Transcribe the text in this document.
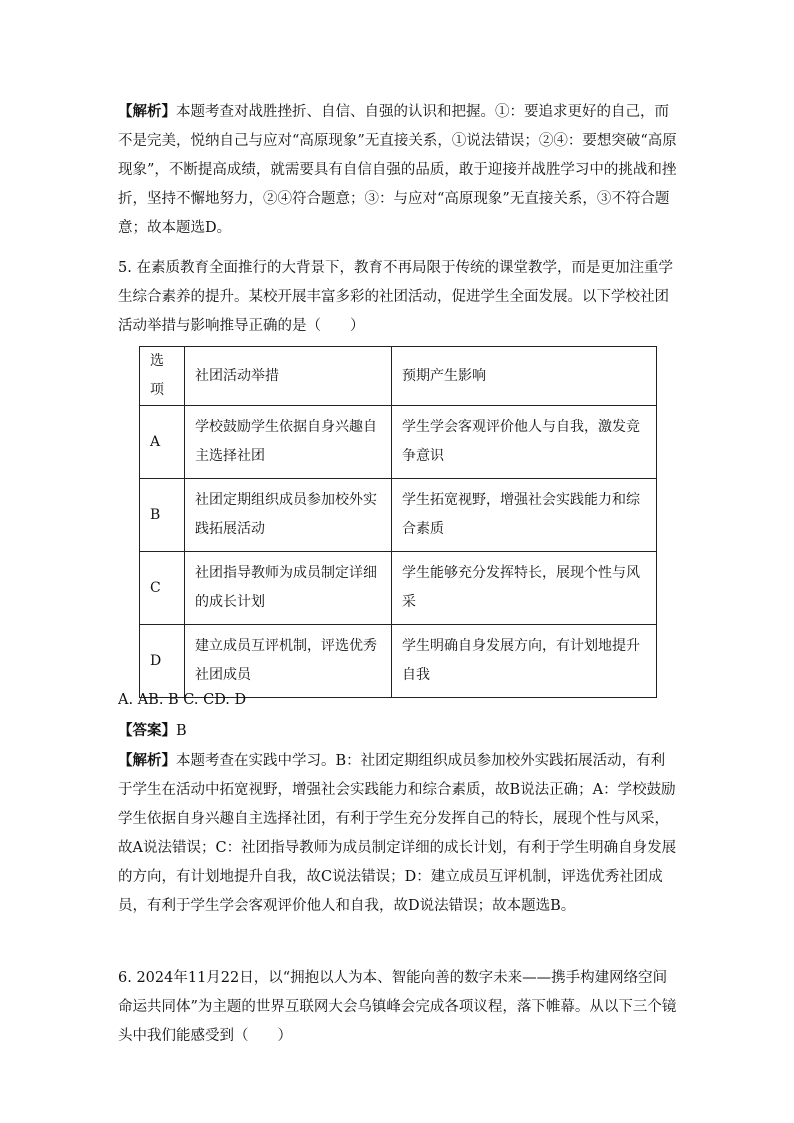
【解析】本题考查对战胜挫折、自信、自强的认识和把握。①：要追求更好的自己，而不是完美，悦纳自己与应对“高原现象”无直接关系，①说法错误；②④：要想突破“高原现象”，不断提高成绩，就需要具有自信自强的品质，敢于迎接并战胜学习中的挑战和挫折，坚持不懈地努力，②④符合题意；③：与应对“高原现象”无直接关系，③不符合题意；故本题选D。

5. 在素质教育全面推行的大背景下，教育不再局限于传统的课堂教学，而是更加注重学生综合素养的提升。某校开展丰富多彩的社团活动，促进学生全面发展。以下学校社团活动举措与影响推导正确的是（　　）

选项	社团活动举措	预期产生影响
A	学校鼓励学生依据自身兴趣自主选择社团	学生学会客观评价他人与自我，激发竞争意识
B	社团定期组织成员参加校外实践拓展活动	学生拓宽视野，增强社会实践能力和综合素质
C	社团指导教师为成员制定详细的成长计划	学生能够充分发挥特长，展现个性与风采
D	建立成员互评机制，评选优秀社团成员	学生明确自身发展方向，有计划地提升自我

A. AB. B C. CD. D

【答案】B

【解析】本题考查在实践中学习。B：社团定期组织成员参加校外实践拓展活动，有利于学生在活动中拓宽视野，增强社会实践能力和综合素质，故B说法正确；A：学校鼓励学生依据自身兴趣自主选择社团，有利于学生充分发挥自己的特长，展现个性与风采，故A说法错误；C：社团指导教师为成员制定详细的成长计划，有利于学生明确自身发展的方向，有计划地提升自我，故C说法错误；D：建立成员互评机制，评选优秀社团成员，有利于学生学会客观评价他人和自我，故D说法错误；故本题选B。

6. 2024年11月22日，以“拥抱以人为本、智能向善的数字未来——携手构建网络空间命运共同体”为主题的世界互联网大会乌镇峰会完成各项议程，落下帷幕。从以下三个镜头中我们能感受到（　　）
